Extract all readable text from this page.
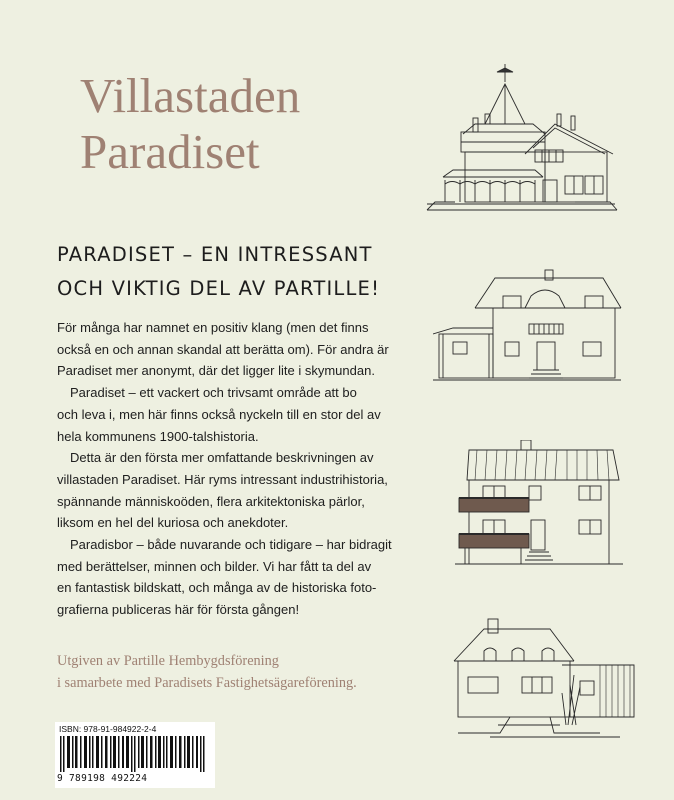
Villastaden
Paradiset
PARADISET – EN INTRESSANT
OCH VIKTIG DEL AV PARTILLE!

För många har namnet en positiv klang (men det finns
också en och annan skandal att berätta om). För andra är
Paradiset mer anonymt, där det ligger lite i skymundan.

Paradiset – ett vackert och trivsamt område att bo
och leva i, men här finns också nyckeln till en stor del av
hela kommunens 1900-talshistoria.

Detta är den första mer omfattande beskrivningen av
villastaden Paradiset. Här ryms intressant industrihistoria,
spännande människoöden, flera arkitektoniska pärlor,
liksom en hel del kuriosa och anekdoter.

Paradisbor – både nuvarande och tidigare – har bidragit
med berättelser, minnen och bilder. Vi har fått ta del av
en fantastisk bildskatt, och många av de historiska foto-
grafierna publiceras här för första gången!

Utgiven av Partille Hembygdsförening
i samarbete med Paradisets Fastighetsägareförening.
ISBN: 978-91-984922-2-4
9 789198 492224
